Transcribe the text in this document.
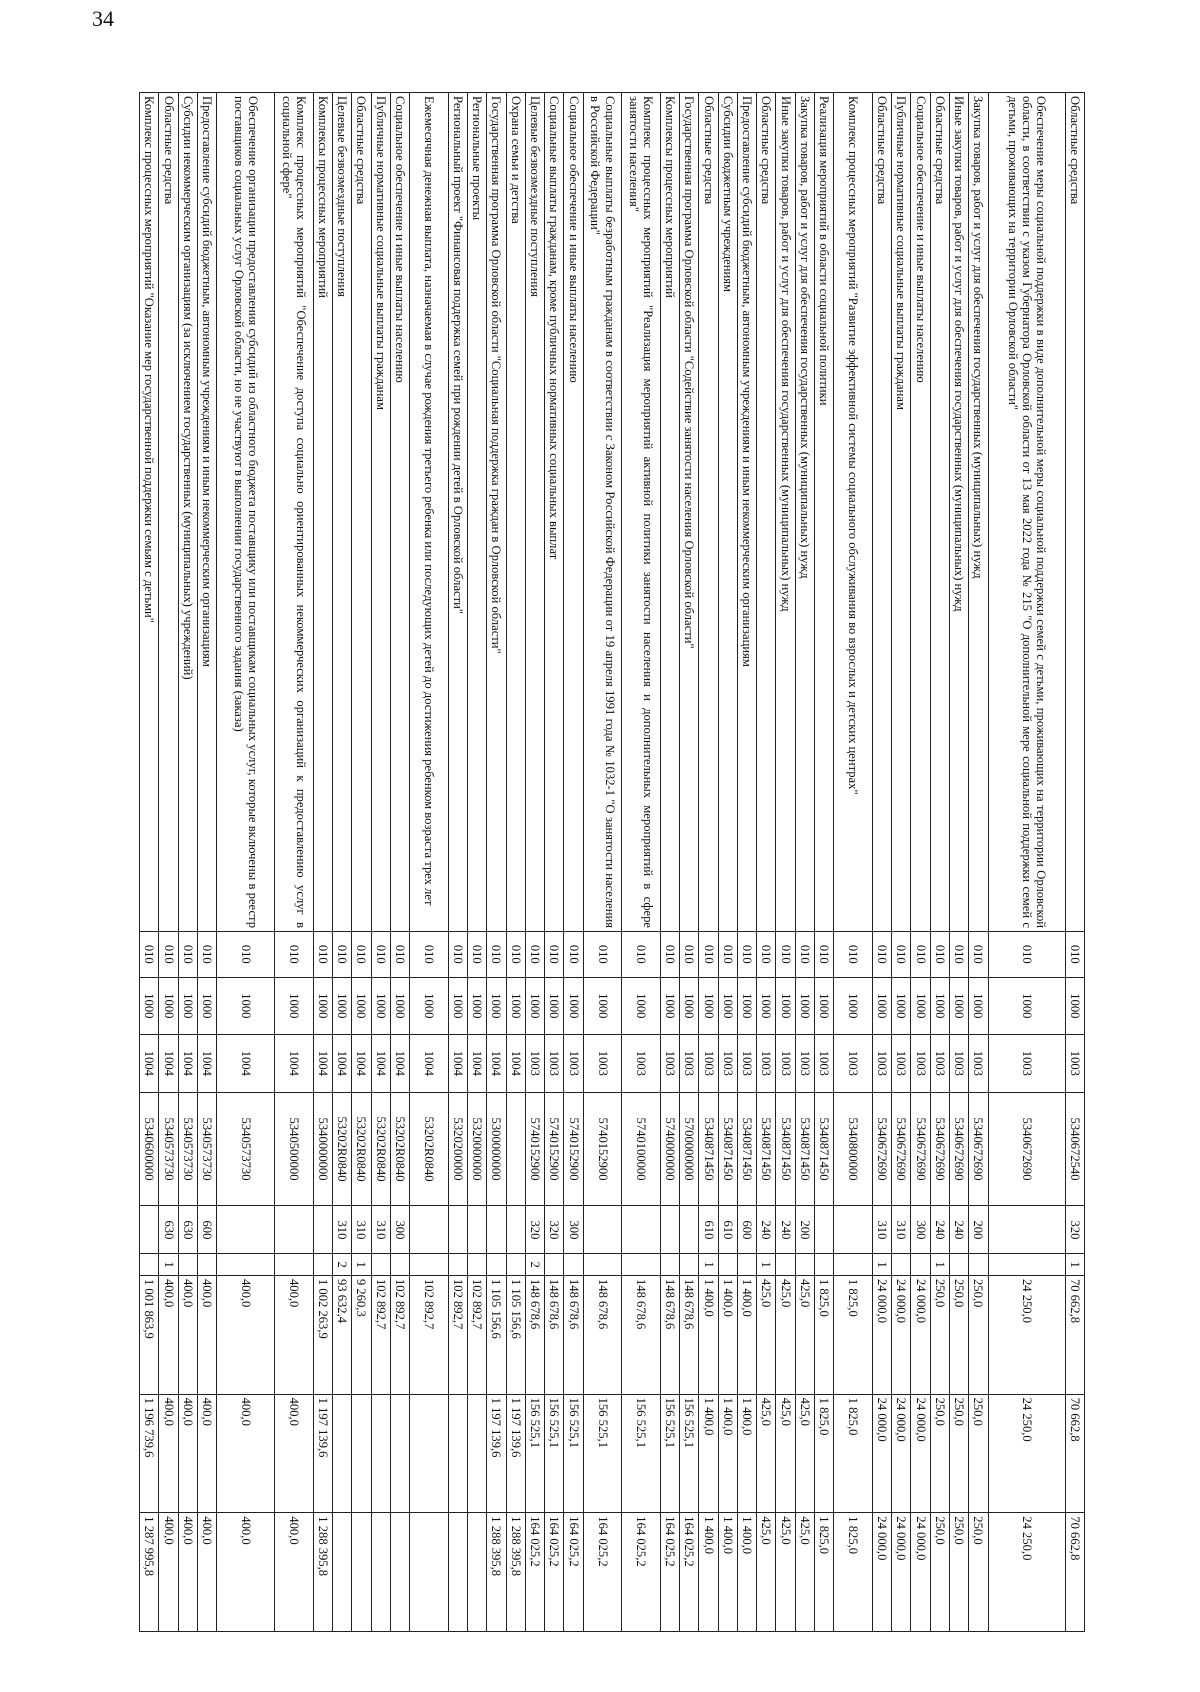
34
Областные средства	010	1000	1003	5340672540	320	1	70 662,8	70 662,8	70 662,8
Обеспечение меры социальной поддержки в виде дополнительной меры социальной поддержки семей с детьми, проживающих на территории Орловской области, в соответствии с указом Губернатора Орловской области от 13 мая 2022 года № 215 "О дополнительной мере социальной поддержки семей с детьми, проживающих на территории Орловской области"	010	1000	1003	5340672690			24 250,0	24 250,0	24 250,0
Закупка товаров, работ и услуг для обеспечения государственных (муниципальных) нужд	010	1000	1003	5340672690	200		250,0	250,0	250,0
Иные закупки товаров, работ и услуг для обеспечения государственных (муниципальных) нужд	010	1000	1003	5340672690	240		250,0	250,0	250,0
Областные средства	010	1000	1003	5340672690	240	1	250,0	250,0	250,0
Социальное обеспечение и иные выплаты населению	010	1000	1003	5340672690	300		24 000,0	24 000,0	24 000,0
Публичные нормативные социальные выплаты гражданам	010	1000	1003	5340672690	310		24 000,0	24 000,0	24 000,0
Областные средства	010	1000	1003	5340672690	310	1	24 000,0	24 000,0	24 000,0
Комплекс процессных мероприятий "Развитие эффективной системы социального обслуживания во взрослых и детских центрах"	010	1000	1003	5340800000			1 825,0	1 825,0	1 825,0
Реализация мероприятий в области социальной политики	010	1000	1003	5340871450			1 825,0	1 825,0	1 825,0
Закупка товаров, работ и услуг для обеспечения государственных (муниципальных) нужд	010	1000	1003	5340871450	200		425,0	425,0	425,0
Иные закупки товаров, работ и услуг для обеспечения государственных (муниципальных) нужд	010	1000	1003	5340871450	240		425,0	425,0	425,0
Областные средства	010	1000	1003	5340871450	240	1	425,0	425,0	425,0
Предоставление субсидий бюджетным, автономным учреждениям и иным некоммерческим организациям	010	1000	1003	5340871450	600		1 400,0	1 400,0	1 400,0
Субсидии бюджетным учреждениям	010	1000	1003	5340871450	610		1 400,0	1 400,0	1 400,0
Областные средства	010	1000	1003	5340871450	610	1	1 400,0	1 400,0	1 400,0
Государственная программа Орловской области "Содействие занятости населения Орловской области"	010	1000	1003	5700000000			148 678,6	156 525,1	164 025,2
Комплексы процессных мероприятий	010	1000	1003	5740000000			148 678,6	156 525,1	164 025,2
Комплекс процессных мероприятий "Реализация мероприятий активной политики занятости населения и дополнительных мероприятий в сфере занятости населения"	010	1000	1003	5740100000			148 678,6	156 525,1	164 025,2
Социальные выплаты безработным гражданам в соответствии с Законом Российской Федерации от 19 апреля 1991 года № 1032-1 "О занятости населения в Российской Федерации"	010	1000	1003	5740152900			148 678,6	156 525,1	164 025,2
Социальное обеспечение и иные выплаты населению	010	1000	1003	5740152900	300		148 678,6	156 525,1	164 025,2
Социальные выплаты гражданам, кроме публичных нормативных социальных выплат	010	1000	1003	5740152900	320		148 678,6	156 525,1	164 025,2
Целевые безвозмездные поступления	010	1000	1003	5740152900	320	2	148 678,6	156 525,1	164 025,2
Охрана семьи и детства	010	1000	1004				1 105 156,6	1 197 139,6	1 288 395,8
Государственная программа Орловской области "Социальная поддержка граждан в Орловской области"	010	1000	1004	5300000000			1 105 156,6	1 197 139,6	1 288 395,8
Региональные проекты	010	1000	1004	5320000000			102 892,7		
Региональный проект "Финансовая поддержка семей при рождении детей в Орловской области"	010	1000	1004	5320200000			102 892,7		
Ежемесячная денежная выплата, назначаемая в случае рождения третьего ребенка или последующих детей до достижения ребенком возраста трех лет	010	1000	1004	53202R0840			102 892,7		
Социальное обеспечение и иные выплаты населению	010	1000	1004	53202R0840	300		102 892,7		
Публичные нормативные социальные выплаты гражданам	010	1000	1004	53202R0840	310		102 892,7		
Областные средства	010	1000	1004	53202R0840	310	1	9 260,3		
Целевые безвозмездные поступления	010	1000	1004	53202R0840	310	2	93 632,4		
Комплексы процессных мероприятий	010	1000	1004	5340000000			1 002 263,9	1 197 139,6	1 288 395,8
Комплекс процессных мероприятий "Обеспечение доступа социально ориентированных некоммерческих организаций к предоставлению услуг в социальной сфере"	010	1000	1004	5340500000			400,0	400,0	400,0
Обеспечение организации предоставления субсидий из областного бюджета поставщику или поставщикам социальных услуг, которые включены в реестр поставщиков социальных услуг Орловской области, но не участвуют в выполнении государственного задания (заказа)	010	1000	1004	5340573730			400,0	400,0	400,0
Предоставление субсидий бюджетным, автономным учреждениям и иным некоммерческим организациям	010	1000	1004	5340573730	600		400,0	400,0	400,0
Субсидии некоммерческим организациям (за исключением государственных (муниципальных) учреждений)	010	1000	1004	5340573730	630		400,0	400,0	400,0
Областные средства	010	1000	1004	5340573730	630	1	400,0	400,0	400,0
Комплекс процессных мероприятий "Оказание мер государственной поддержки семьям с детьми"	010	1000	1004	5340600000			1 001 863,9	1 196 739,6	1 287 995,8
